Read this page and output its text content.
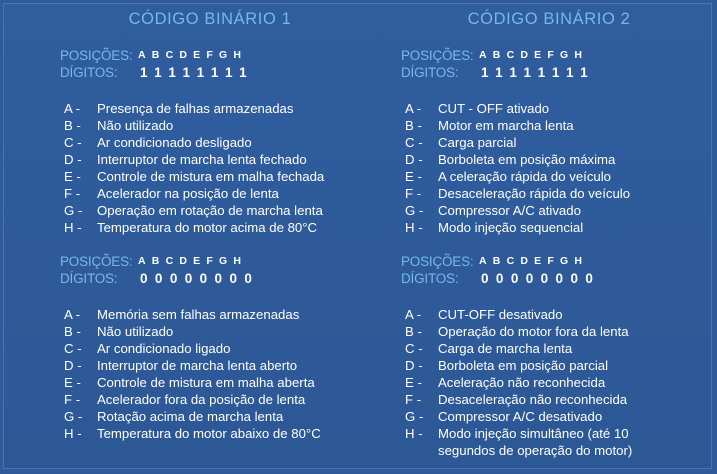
CÓDIGO BINÁRIO 1
POSIÇÕES: ABCDEFGH
DÍGITOS: 11111111
A -	Presença de falhas armazenadas
B -	Não utilizado
C -	Ar condicionado desligado
D -	Interruptor de marcha lenta fechado
E -	Controle de mistura em malha fechada
F -	Acelerador na posição de lenta
G -	Operação em rotação de marcha lenta
H -	Temperatura do motor acima de 80°C
POSIÇÕES: ABCDEFGH
DÍGITOS: 00000000
A -	Memória sem falhas armazenadas
B -	Não utilizado
C -	Ar condicionado ligado
D -	Interruptor de marcha lenta aberto
E -	Controle de mistura em malha aberta
F -	Acelerador fora da posição de lenta
G -	Rotação acima de marcha lenta
H -	Temperatura do motor abaixo de 80°C
CÓDIGO BINÁRIO 2
POSIÇÕES: ABCDEFGH
DÍGITOS: 11111111
A -	CUT - OFF ativado
B -	Motor em marcha lenta
C -	Carga parcial
D -	Borboleta em posição máxima
E -	A celeração rápida do veículo
F -	Desaceleração rápida do veículo
G -	Compressor A/C ativado
H -	Modo injeção sequencial
POSIÇÕES: ABCDEFGH
DÍGITOS: 00000000
A -	CUT-OFF desativado
B -	Operação do motor fora da lenta
C -	Carga de marcha lenta
D -	Borboleta em posição parcial
E -	Aceleração não reconhecida
F -	Desaceleração não reconhecida
G -	Compressor A/C desativado
H -	Modo injeção simultâneo (até 10 segundos de operação do motor)
